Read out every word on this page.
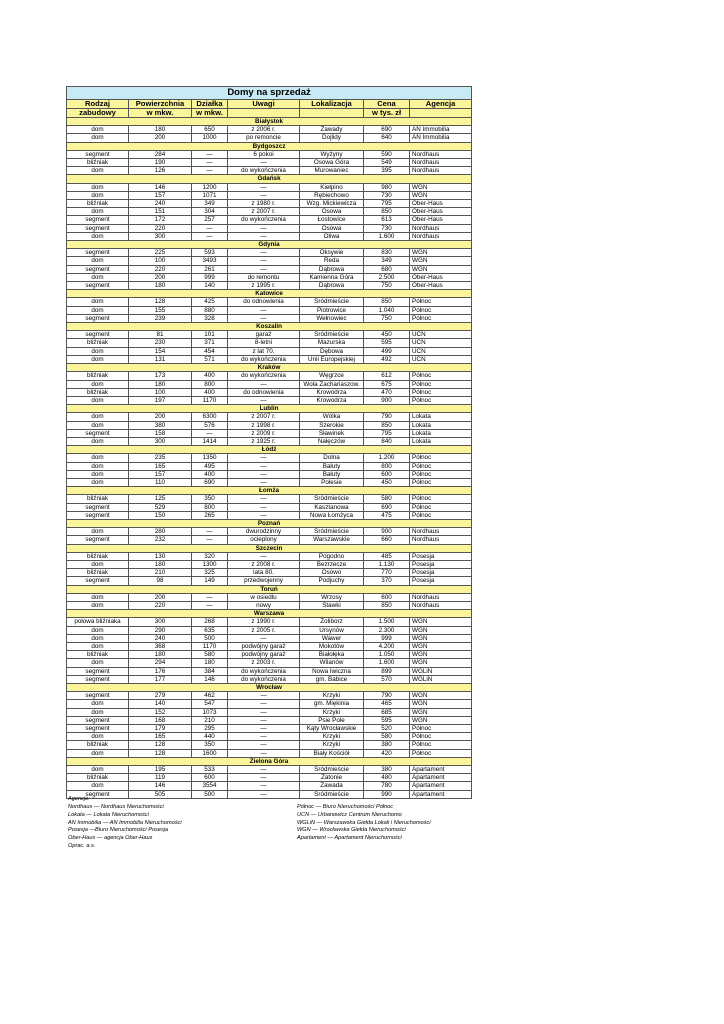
Domy na sprzedaż						
Rodzaj	Powierzchnia	Działka	Uwagi	Lokalizacja	Cena	Agencja
zabudowy	w mkw.	w mkw.			w tys. zł	
Białystok						
dom	180	650	z 2006 r.	Zawady	690	AN Immobilia
dom	200	1000	po remoncie	Dojlidy	640	AN Immobilia
Bydgoszcz						
segment	284	—	6 pokoi	Wyżyny	590	Nordhaus
bliźniak	190	—	—	Osowa Góra	549	Nordhaus
dom	126	—	do wykończenia	Murowaniec	395	Nordhaus
Gdańsk						
dom	146	1200	—	Kiełpino	980	WGN
dom	157	1071	—	Rębiechowo	730	WGN
bliźniak	240	349	z 1980 r.	Wzg. Mickiewicza	795	Ober-Haus
dom	151	304	z 2007 r.	Osowa	850	Ober-Haus
segment	172	257	do wykończenia	Łostowice	613	Ober-Haus
segment	220	—	—	Osowa	730	Nordhaus
dom	300	—	—	Oliwa	1.600	Nordhaus
Gdynia						
segment	225	593	—	Oksywie	830	WGN
dom	100	3493	—	Reda	349	WGN
segment	220	261	—	Dąbrowa	680	WGN
dom	200	999	do remontu	Kamienna Góra	2.500	Ober-Haus
segment	180	140	z 1995 r.	Dąbrowa	750	Ober-Haus
Katowice						
dom	128	425	do odnowienia	Śródmieście	850	Północ
dom	155	880	—	Piotrowice	1.040	Północ
segment	239	328	—	Wełnowiec	750	Północ
Koszalin						
segment	81	101	garaż	Śródmieście	450	UCN
bliźniak	230	371	8-letni	Mazurska	595	UCN
dom	154	454	z lat 70.	Dębowa	499	UCN
dom	131	571	do wykończenia	Unii Europejskiej	492	UCN
Kraków						
bliźniak	173	400	do wykończenia	Węgrzce	612	Północ
dom	180	800	—	Wola Zachariaszow.	675	Północ
bliźniak	100	400	do odnowienia	Krowodrza	470	Północ
dom	197	1170	—	Krowodrza	900	Północ
Lublin						
dom	200	6300	z 2007 r.	Wólka	790	Lokata
dom	380	576	z 1998 r.	Szerokie	850	Lokata
segment	158	—	z 2009 r.	Sławinek	795	Lokata
dom	300	1414	z 1925 r.	Nałęczów	840	Lokata
Łódź						
dom	235	1350	—	Dolna	1.200	Północ
dom	165	495	—	Bałuty	800	Północ
dom	157	400	—	Bałuty	600	Północ
dom	110	690	—	Polesie	450	Północ
Łomża						
bliźniak	125	350	—	Śródmieście	580	Północ
segment	529	800	—	Kasztanowa	690	Północ
segment	150	265	—	Nowa Łomżyca	475	Północ
Poznań						
dom	280	—	dwurodzinny	Śródmieście	900	Nordhaus
segment	232	—	ocieplony	Warszawskie	660	Nordhaus
Szczecin						
bliźniak	130	320	—	Pogodno	485	Posesja
dom	180	1300	z 2008 r.	Bezrzecze	1.130	Posesja
bliźniak	210	325	lata 80.	Osowo	770	Posesja
segment	98	149	przedwojenny	Podjuchy	370	Posesja
Toruń						
dom	200	—	w osiedlu	Wrzosy	600	Nordhaus
dom	220	—	nowy	Stawki	850	Nordhaus
Warszawa						
połowa bliźniaka	300	268	z 1990 r.	Żoliborz	1.500	WGN
dom	290	635	z 2005 r.	Ursynów	2.300	WGN
dom	240	500	—	Wawer	999	WGN
dom	368	1170	podwójny garaż	Mokotów	4.200	WGN
bliźniak	180	580	podwójny garaż	Białołęka	1.050	WGN
dom	294	180	z 2003 r.	Wilanów	1.600	WGN
segment	176	384	do wykończenia	Nowa Iwiczna	899	WGLiN
segment	177	146	do wykończenia	gm. Babice	570	WGLiN
Wrocław						
segment	279	462	—	Krzyki	790	WGN
dom	140	547	—	gm. Miękinia	465	WGN
dom	152	1073	—	Krzyki	685	WGN
segment	168	210	—	Psie Pole	595	WGN
segment	179	295	—	Kąty Wrocławskie	520	Północ
dom	165	440	—	Krzyki	580	Północ
bliźniak	128	350	—	Krzyki	380	Północ
dom	128	1600	—	Biały Kościół	420	Północ
Zielona Góra						
dom	195	533	—	Śródmieście	380	Apartament
bliźniak	119	600	—	Zatonie	480	Apartament
dom	146	3554	—	Zawada	780	Apartament
segment	505	500	—	Śródmieście	990	Apartament
Agencje:
Nordhaus — Nordhaus Nieruchomości
Lokata — Lokata Nieruchomości
AN Immobilia — AN Immobilia Nieruchomości
Posesja —Biuro Nieruchomości Posesja
Ober-Haus — agencja Ober-Haus
Oprac. a.s.
Północ — Biuro Nieruchomości Północ
UCN — Urbanowicz Centrum Nieruchomo
WGLiN — Warszawska Giełda Lokali i Nieruchomości
WGN — Wrocławska Giełda Nieruchomości
Apartament — Apartament Nieruchomości
